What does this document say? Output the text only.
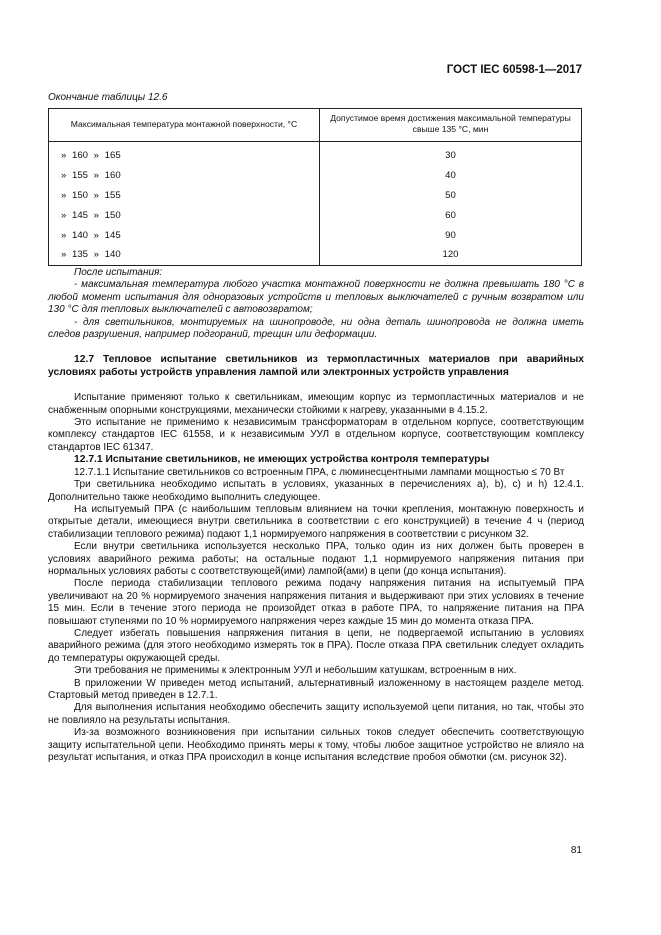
ГОСТ IEC 60598-1—2017
Окончание таблицы 12.6
Максимальная температура монтажной поверхности, °С	Допустимое время достижения максимальной температуры свыше 135 °С, мин
» 160 » 165	30
» 155 » 160	40
» 150 » 155	50
» 145 » 150	60
» 140 » 145	90
» 135 » 140	120

После испытания:

- максимальная температура любого участка монтажной поверхности не должна превышать 180 °С в любой момент испытания для одноразовых устройств и тепловых выключателей с ручным возвратом или 130 °С для тепловых выключателей с автовозвратом;

- для светильников, монтируемых на шинопроводе, ни одна деталь шинопровода не должна иметь следов разрушения, например подгораний, трещин или деформации.

12.7 Тепловое испытание светильников из термопластичных материалов при аварийных условиях работы устройств управления лампой или электронных устройств управления

Испытание применяют только к светильникам, имеющим корпус из термопластичных материалов и не снабженным опорными конструкциями, механически стойкими к нагреву, указанными в 4.15.2.

Это испытание не применимо к независимым трансформаторам в отдельном корпусе, соответствующим комплексу стандартов IEC 61558, и к независимым УУЛ в отдельном корпусе, соответствующим комплексу стандартов IEC 61347.

12.7.1 Испытание светильников, не имеющих устройства контроля температуры

12.7.1.1 Испытание светильников со встроенным ПРА, с люминесцентными лампами мощностью ≤ 70 Вт

Три светильника необходимо испытать в условиях, указанных в перечислениях a), b), c) и h) 12.4.1. Дополнительно также необходимо выполнить следующее.

На испытуемый ПРА (с наибольшим тепловым влиянием на точки крепления, монтажную поверхность и открытые детали, имеющиеся внутри светильника в соответствии с его конструкцией) в течение 4 ч (период стабилизации теплового режима) подают 1,1 нормируемого напряжения в соответствии с рисунком 32.

Если внутри светильника используется несколько ПРА, только один из них должен быть проверен в условиях аварийного режима работы; на остальные подают 1,1 нормируемого напряжения питания при нормальных условиях работы с соответствующей(ими) лампой(ами) в цепи (до конца испытания).

После периода стабилизации теплового режима подачу напряжения питания на испытуемый ПРА увеличивают на 20 % нормируемого значения напряжения питания и выдерживают при этих условиях в течение 15 мин. Если в течение этого периода не произойдет отказ в работе ПРА, то напряжение питания на ПРА повышают ступенями по 10 % нормируемого напряжения через каждые 15 мин до момента отказа ПРА.

Следует избегать повышения напряжения питания в цепи, не подвергаемой испытанию в условиях аварийного режима (для этого необходимо измерять ток в ПРА). После отказа ПРА светильник следует охладить до температуры окружающей среды.

Эти требования не применимы к электронным УУЛ и небольшим катушкам, встроенным в них.

В приложении W приведен метод испытаний, альтернативный изложенному в настоящем разделе метод. Стартовый метод приведен в 12.7.1.

Для выполнения испытания необходимо обеспечить защиту используемой цепи питания, но так, чтобы это не повлияло на результаты испытания.

Из-за возможного возникновения при испытании сильных токов следует обеспечить соответствующую защиту испытательной цепи. Необходимо принять меры к тому, чтобы любое защитное устройство не влияло на результат испытания, и отказ ПРА происходил в конце испытания вследствие пробоя обмотки (см. рисунок 32).

81
